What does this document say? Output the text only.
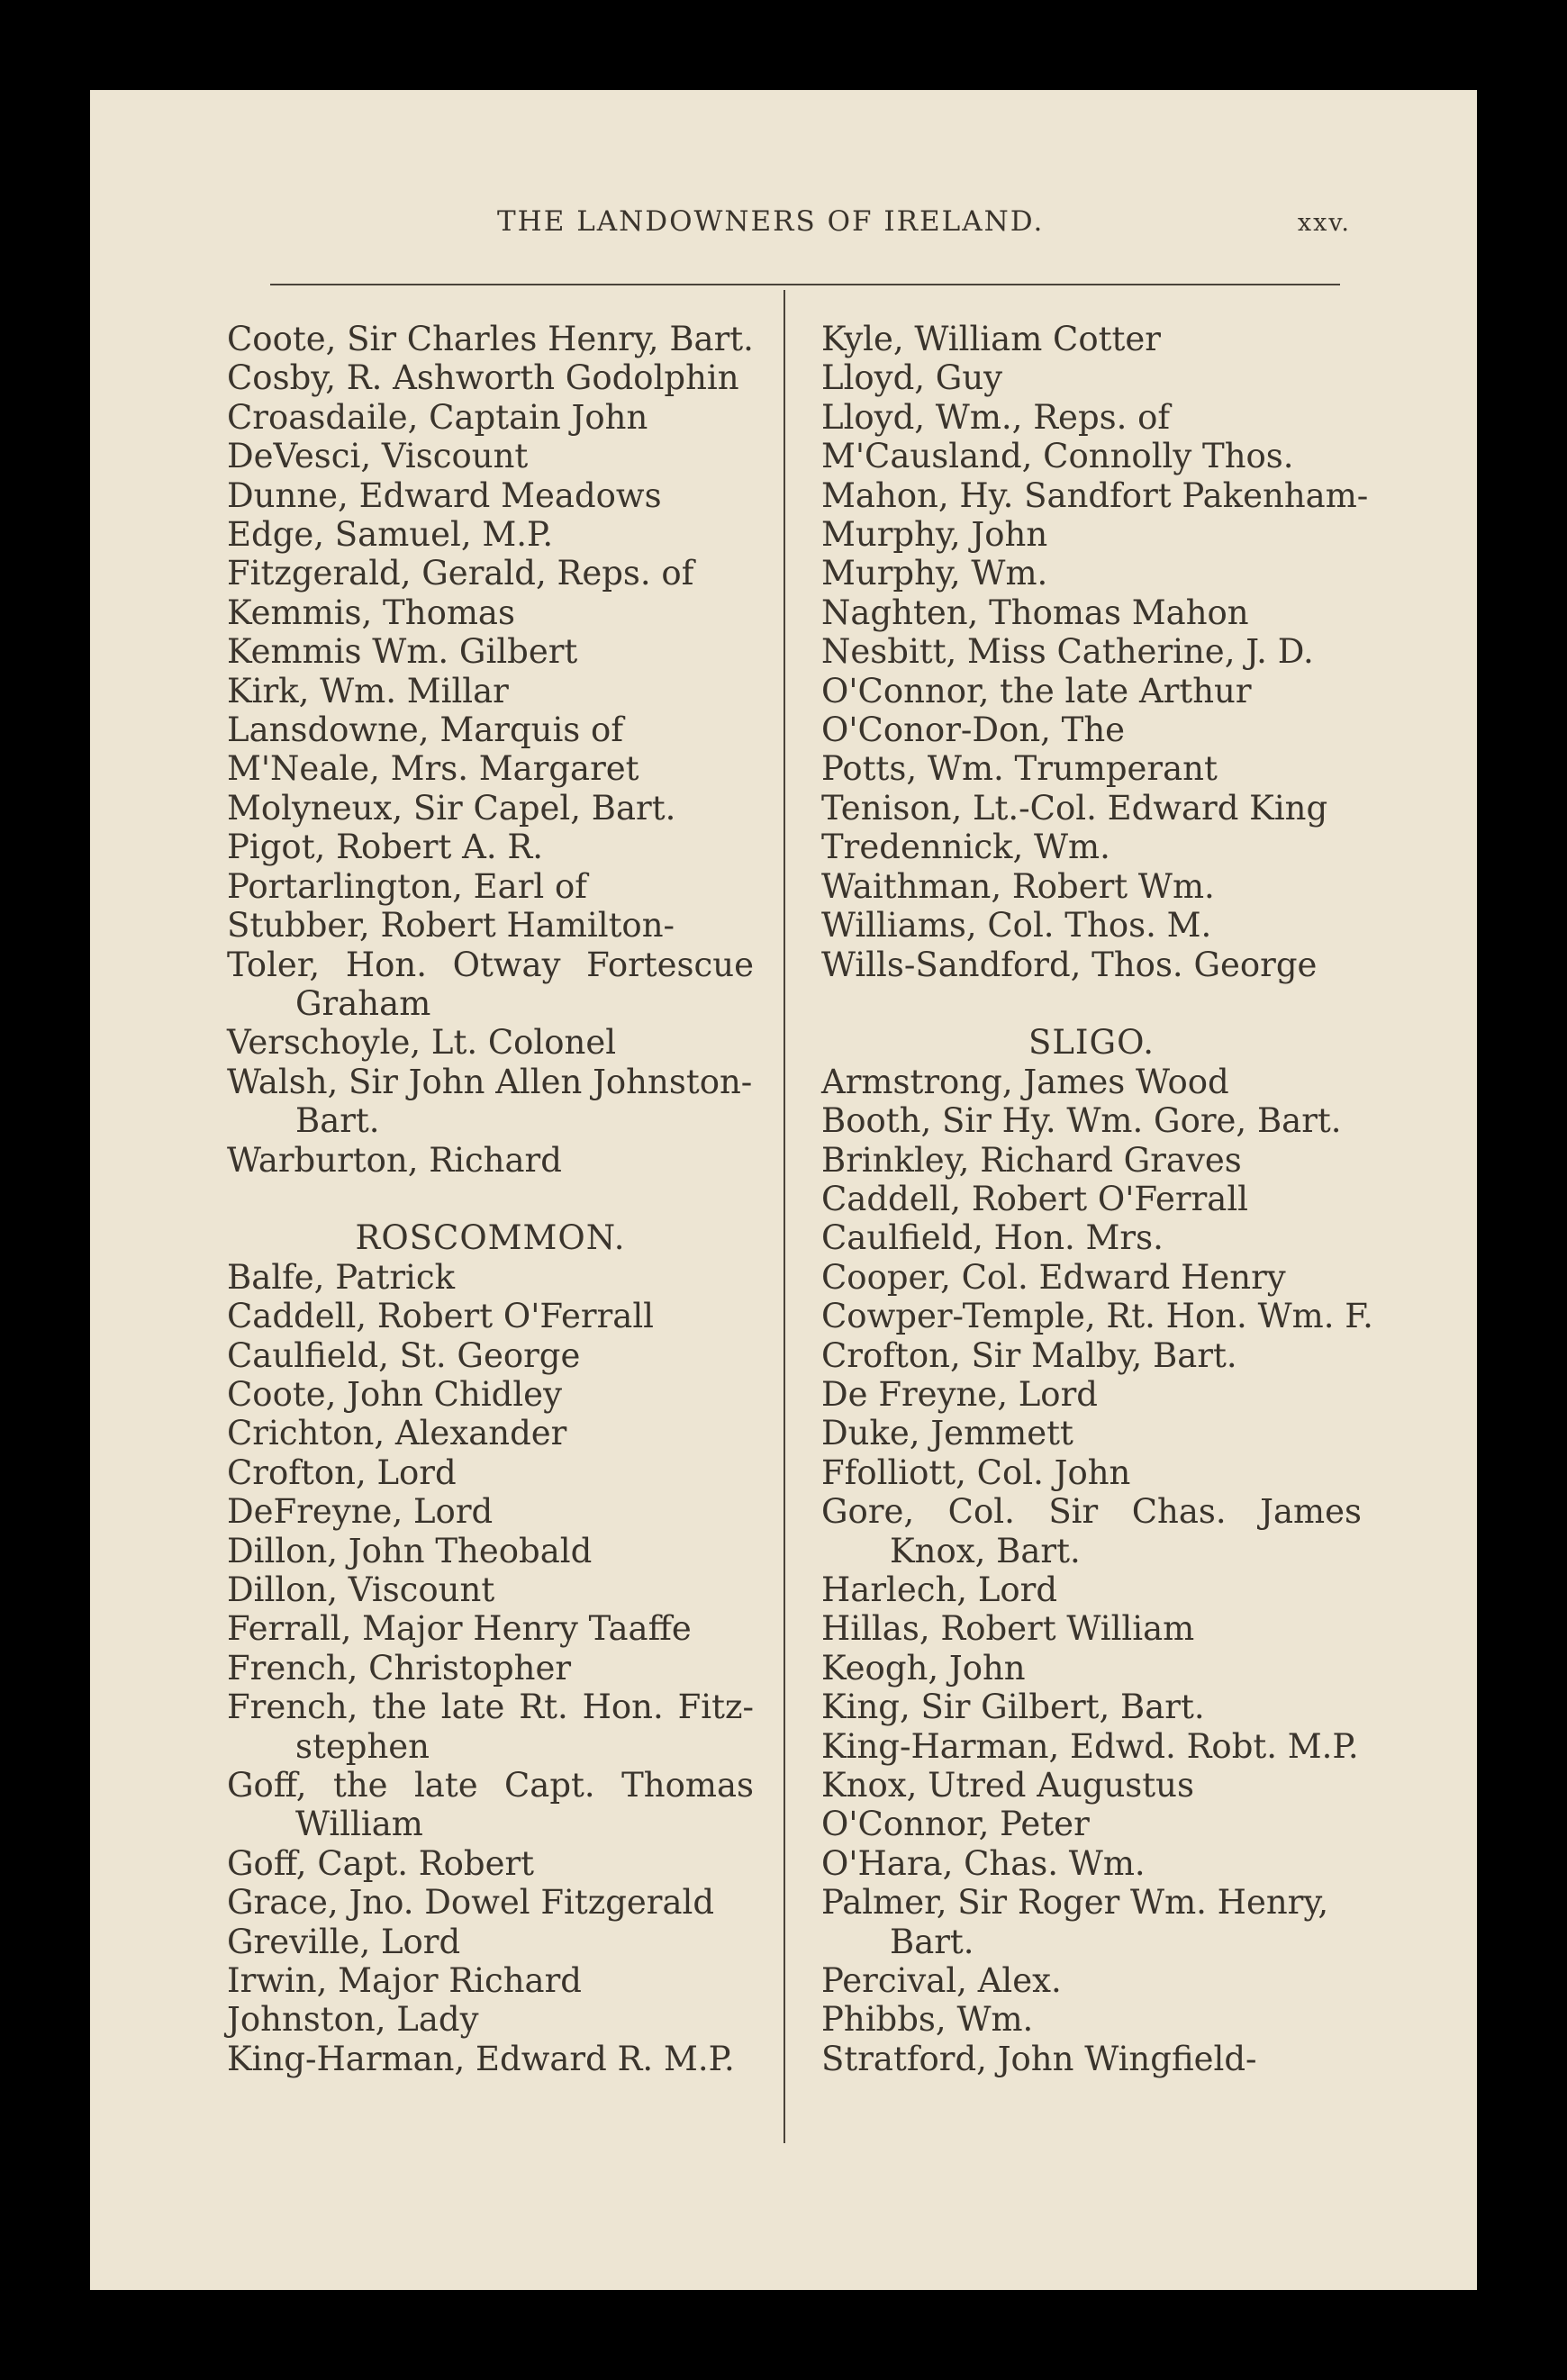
THE LANDOWNERS OF IRELAND.	xxv.
Coote, Sir Charles Henry, Bart.
Cosby, R. Ashworth Godolphin
Croasdaile, Captain John
DeVesci, Viscount
Dunne, Edward Meadows
Edge, Samuel, M.P.
Fitzgerald, Gerald, Reps. of
Kemmis, Thomas
Kemmis Wm. Gilbert
Kirk, Wm. Millar
Lansdowne, Marquis of
M'Neale, Mrs. Margaret
Molyneux, Sir Capel, Bart.
Pigot, Robert A. R.
Portarlington, Earl of
Stubber, Robert Hamilton-
Toler, Hon. Otway Fortescue
Graham
Verschoyle, Lt. Colonel
Walsh, Sir John Allen Johnston-
Bart.
Warburton, Richard
ROSCOMMON.
Balfe, Patrick
Caddell, Robert O'Ferrall
Caulfield, St. George
Coote, John Chidley
Crichton, Alexander
Crofton, Lord
DeFreyne, Lord
Dillon, John Theobald
Dillon, Viscount
Ferrall, Major Henry Taaffe
French, Christopher
French, the late Rt. Hon. Fitz-
stephen
Goff, the late Capt. Thomas
William
Goff, Capt. Robert
Grace, Jno. Dowel Fitzgerald
Greville, Lord
Irwin, Major Richard
Johnston, Lady
King-Harman, Edward R. M.P.
Kyle, William Cotter
Lloyd, Guy
Lloyd, Wm., Reps. of
M'Causland, Connolly Thos.
Mahon, Hy. Sandfort Pakenham-
Murphy, John
Murphy, Wm.
Naghten, Thomas Mahon
Nesbitt, Miss Catherine, J. D.
O'Connor, the late Arthur
O'Conor-Don, The
Potts, Wm. Trumperant
Tenison, Lt.-Col. Edward King
Tredennick, Wm.
Waithman, Robert Wm.
Williams, Col. Thos. M.
Wills-Sandford, Thos. George
SLIGO.
Armstrong, James Wood
Booth, Sir Hy. Wm. Gore, Bart.
Brinkley, Richard Graves
Caddell, Robert O'Ferrall
Caulfield, Hon. Mrs.
Cooper, Col. Edward Henry
Cowper-Temple, Rt. Hon. Wm. F.
Crofton, Sir Malby, Bart.
De Freyne, Lord
Duke, Jemmett
Ffolliott, Col. John
Gore, Col. Sir Chas. James
Knox, Bart.
Harlech, Lord
Hillas, Robert William
Keogh, John
King, Sir Gilbert, Bart.
King-Harman, Edwd. Robt. M.P.
Knox, Utred Augustus
O'Connor, Peter
O'Hara, Chas. Wm.
Palmer, Sir Roger Wm. Henry,
Bart.
Percival, Alex.
Phibbs, Wm.
Stratford, John Wingfield-
